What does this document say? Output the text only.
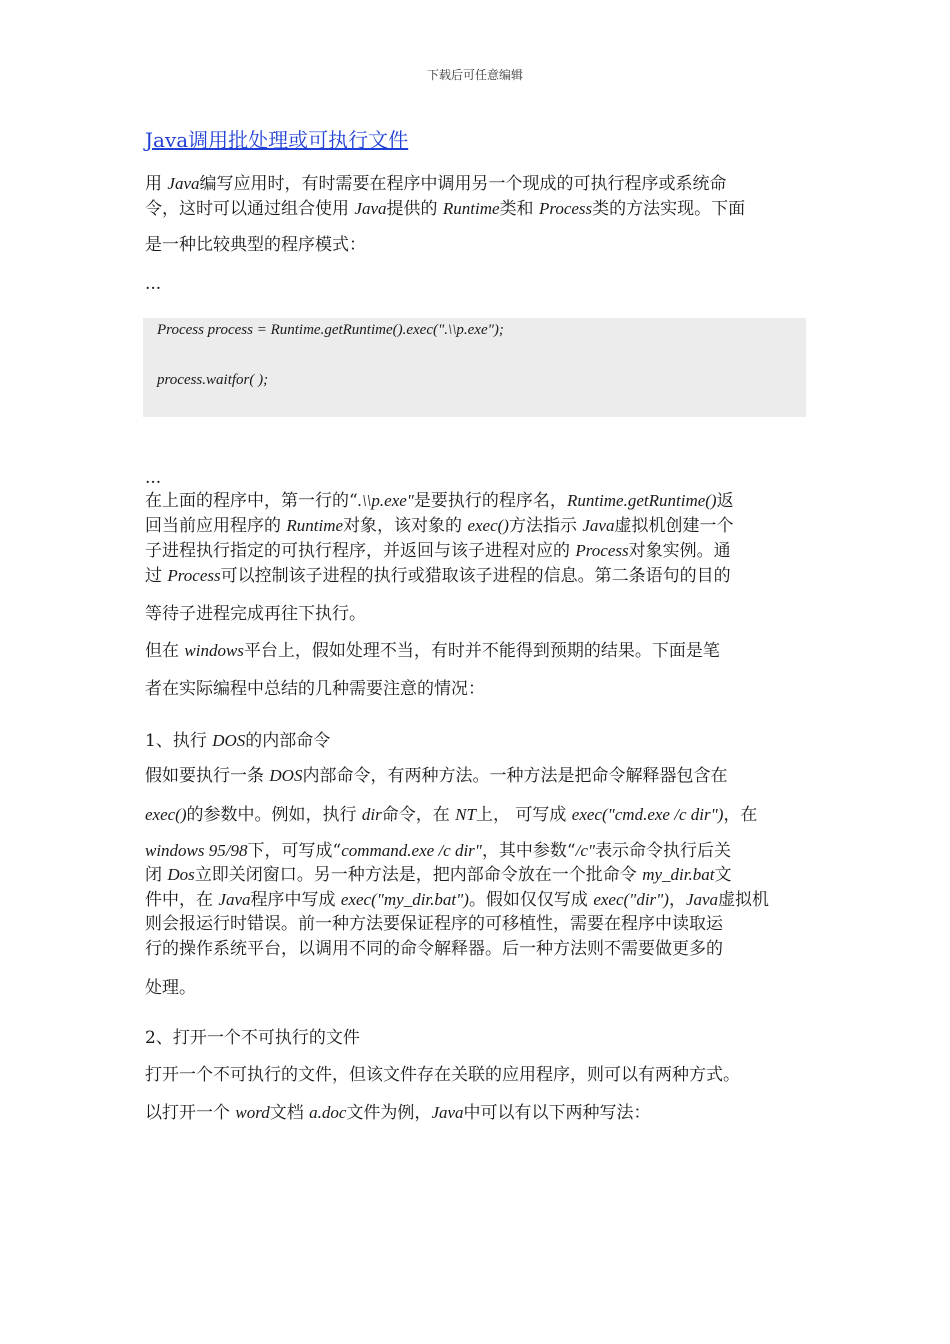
下载后可任意编辑
Java调用批处理或可执行文件
用 Java编写应用时，有时需要在程序中调用另一个现成的可执行程序或系统命
令，这时可以通过组合使用 Java提供的 Runtime类和 Process类的方法实现。下面
是一种比较典型的程序模式：
...
Process process = Runtime.getRuntime().exec(".\\p.exe");
process.waitfor( );
...
在上面的程序中，第一行的“.\\p.exe"是要执行的程序名，Runtime.getRuntime()返
回当前应用程序的 Runtime对象，该对象的 exec()方法指示 Java虚拟机创建一个
子进程执行指定的可执行程序，并返回与该子进程对应的 Process对象实例。通
过 Process可以控制该子进程的执行或猎取该子进程的信息。第二条语句的目的
等待子进程完成再往下执行。
但在 windows平台上，假如处理不当，有时并不能得到预期的结果。下面是笔
者在实际编程中总结的几种需要注意的情况：
1、执行 DOS的内部命令
假如要执行一条 DOS内部命令，有两种方法。一种方法是把命令解释器包含在
exec()的参数中。例如，执行 dir命令，在 NT上， 可写成 exec("cmd.exe /c dir")，在
windows 95/98下，可写成“command.exe /c dir"，其中参数“/c"表示命令执行后关
闭 Dos立即关闭窗口。另一种方法是，把内部命令放在一个批命令 my_dir.bat文
件中，在 Java程序中写成 exec("my_dir.bat")。假如仅仅写成 exec("dir")，Java虚拟机
则会报运行时错误。前一种方法要保证程序的可移植性，需要在程序中读取运
行的操作系统平台，以调用不同的命令解释器。后一种方法则不需要做更多的
处理。
2、打开一个不可执行的文件
打开一个不可执行的文件，但该文件存在关联的应用程序，则可以有两种方式。
以打开一个 word文档 a.doc文件为例，Java中可以有以下两种写法：
